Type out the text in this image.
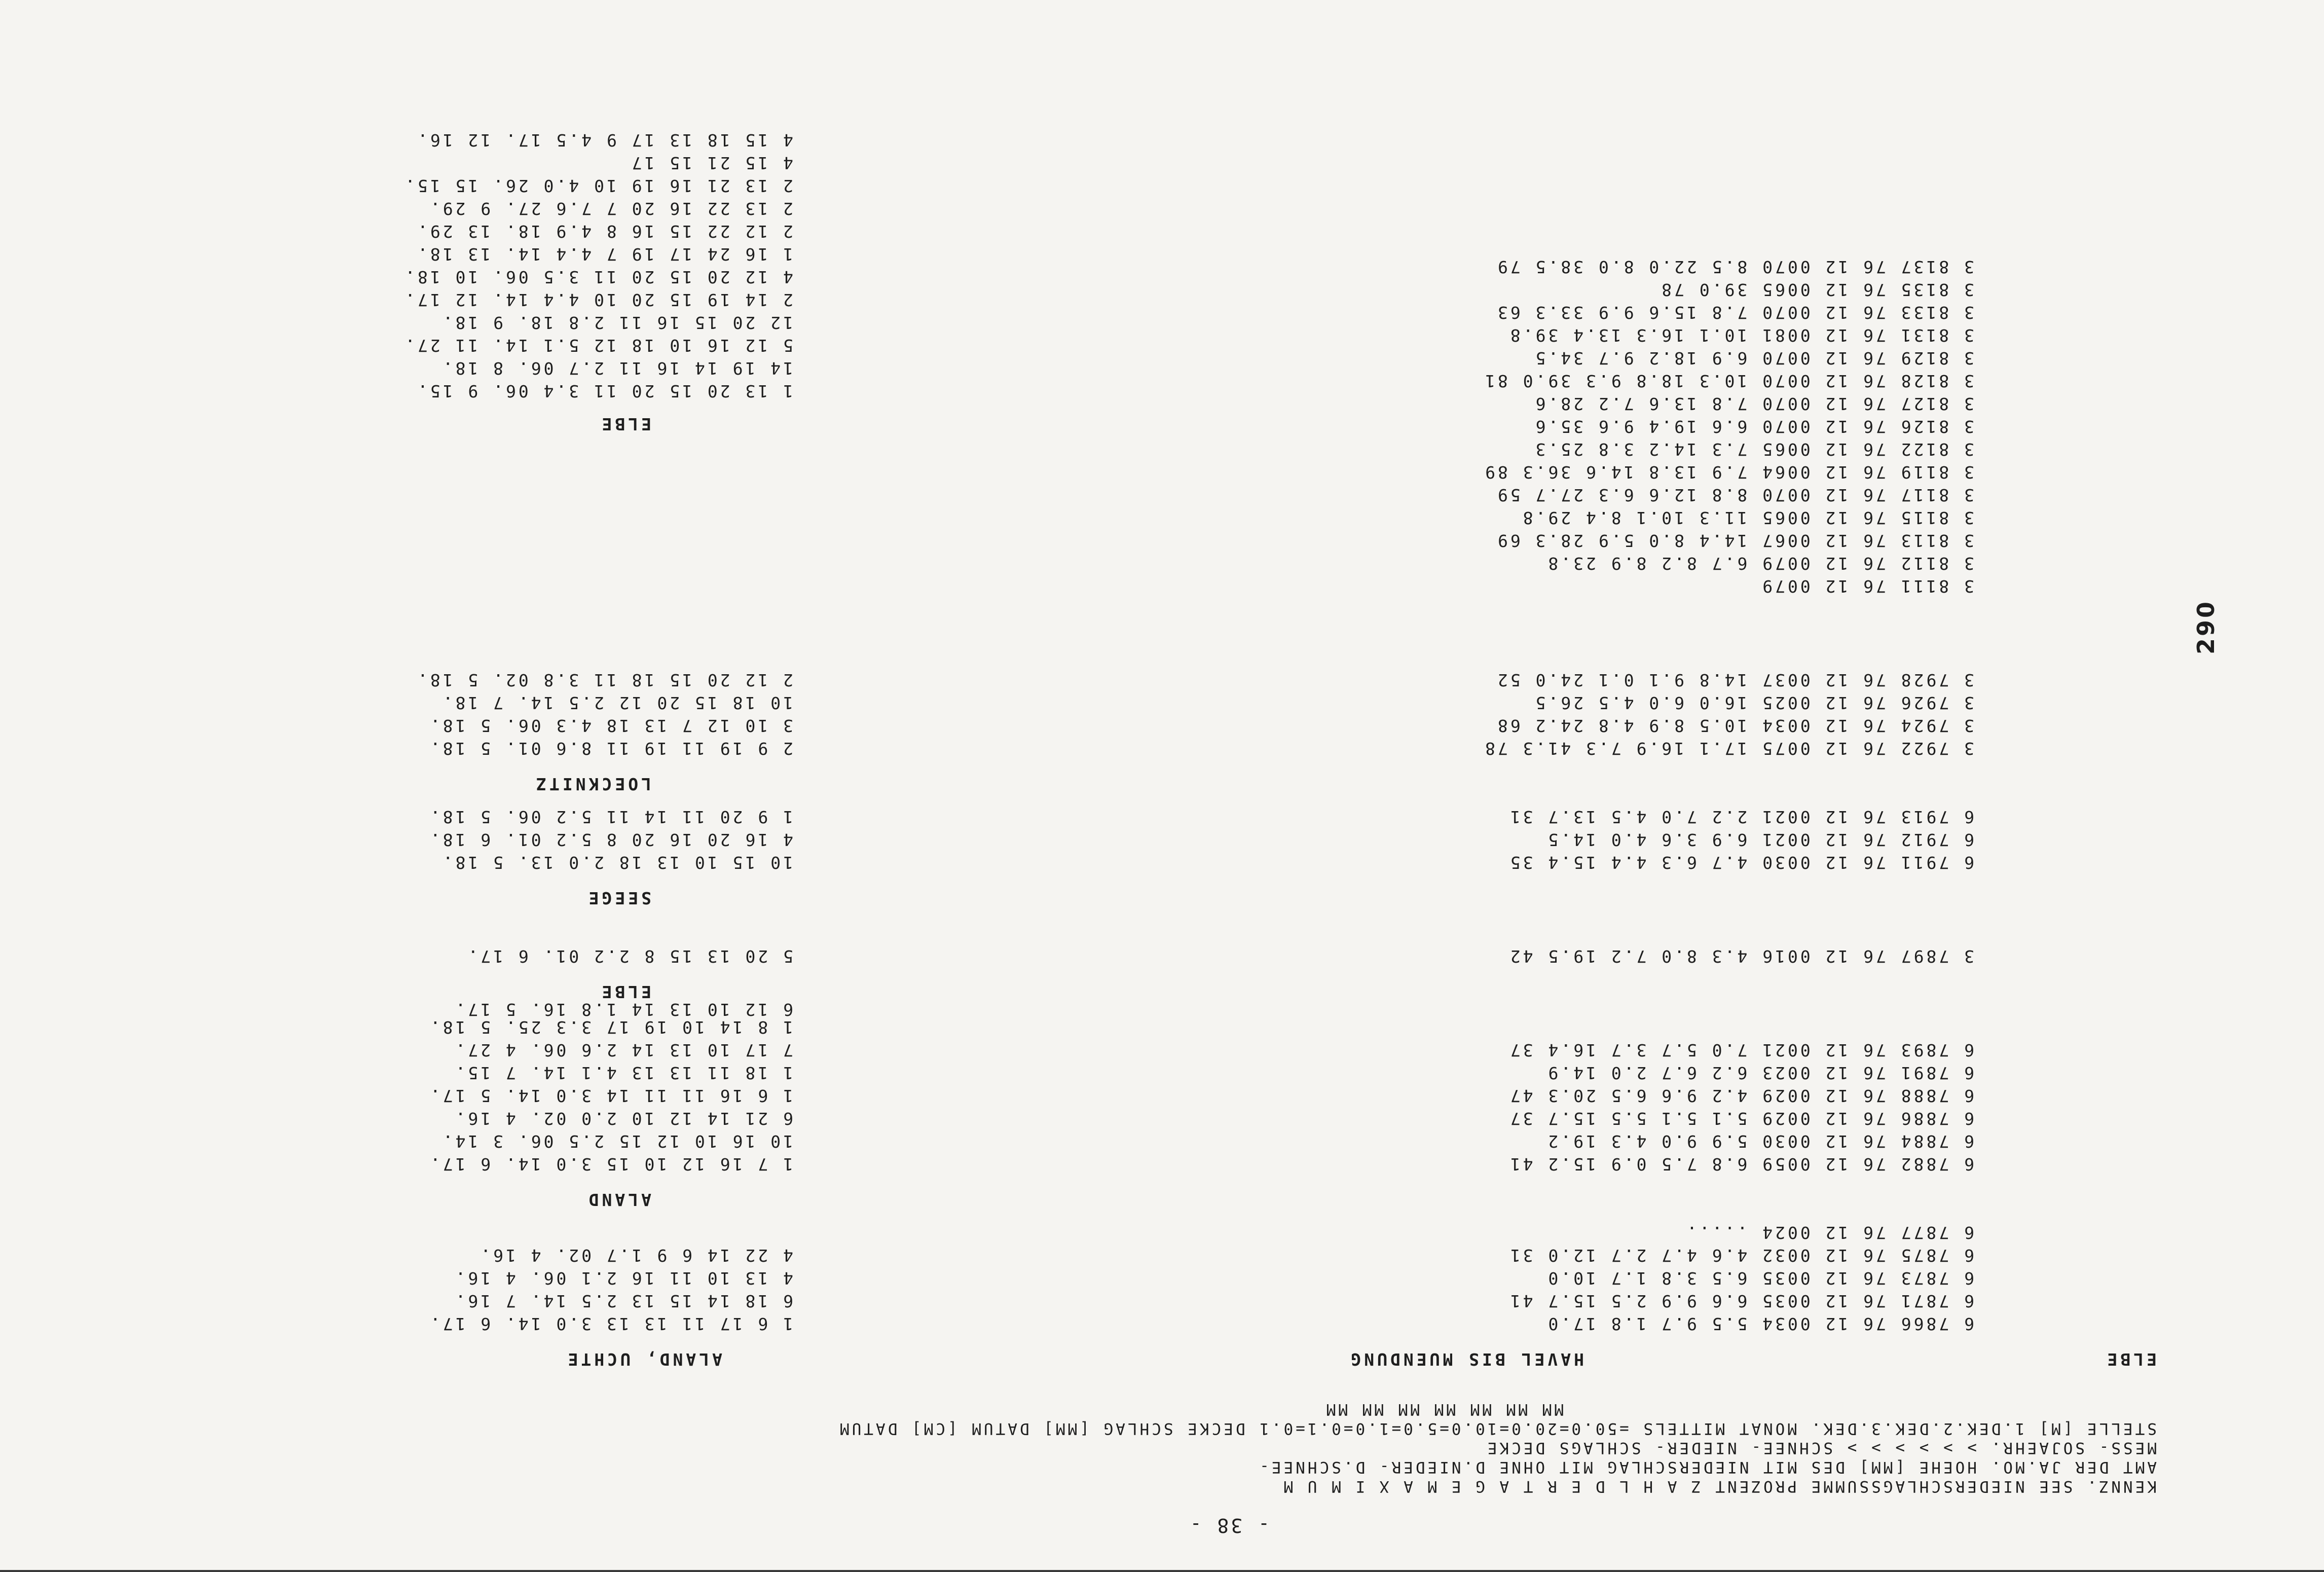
- 38 -
KENNZ. SEE NIEDERSCHLAGSSUMME PROZENT Z A H L D E R T A G E M A X I M U M
AMT DER JA.MO. HOEHE [MM] DES MIT NIEDERSCHLAG MIT OHNE D.NIEDER- D.SCHNEE-
MESS- SOJAEHR. > > > > > > SCHNEE- NIEDER- SCHLAGS DECKE
STELLE [M] 1.DEK.2.DEK.3.DEK. MONAT MITTELS =50.0=20.0=10.0=5.0=1.0=0.1=0.1 DECKE SCHLAG [MM] DATUM [CM] DATUM
MM MM MM MM MM MM MM
ELBE
HAVEL BIS MUENDUNG
ALAND, UCHTE
6 7866 76 12 0034 5.5 9.7 1.8 17.0
6 7871 76 12 0035 6.6 9.9 2.5 15.7 41
6 7873 76 12 0035 6.5 3.8 1.7 10.0
6 7875 76 12 0032 4.6 4.7 2.7 12.0 31
6 7877 76 12 0024 .....
6 7882 76 12 0059 6.8 7.5 0.9 15.2 41
6 7884 76 12 0030 5.9 9.0 4.3 19.2
6 7886 76 12 0029 5.1 5.1 5.5 15.7 37
6 7888 76 12 0029 4.2 9.6 6.5 20.3 47
6 7891 76 12 0023 6.2 6.7 2.0 14.9
6 7893 76 12 0021 7.0 5.7 3.7 16.4 37
3 7897 76 12 0016 4.3 8.0 7.2 19.5 42
6 7911 76 12 0030 4.7 6.3 4.4 15.4 35
6 7912 76 12 0021 6.9 3.6 4.0 14.5
6 7913 76 12 0021 2.2 7.0 4.5 13.7 31
3 7922 76 12 0075 17.1 16.9 7.3 41.3 78
3 7924 76 12 0034 10.5 8.9 4.8 24.2 68
3 7926 76 12 0025 16.0 6.0 4.5 26.5
3 7928 76 12 0037 14.8 9.1 0.1 24.0 52
3 8111 76 12 0079
3 8112 76 12 0079 6.7 8.2 8.9 23.8
3 8113 76 12 0067 14.4 8.0 5.9 28.3 69
3 8115 76 12 0065 11.3 10.1 8.4 29.8
3 8117 76 12 0070 8.8 12.6 6.3 27.7 59
3 8119 76 12 0064 7.9 13.8 14.6 36.3 89
3 8122 76 12 0065 7.3 14.2 3.8 25.3
3 8126 76 12 0070 6.6 19.4 9.6 35.6
3 8127 76 12 0070 7.8 13.6 7.2 28.6
3 8128 76 12 0070 10.3 18.8 9.3 39.0 81
3 8129 76 12 0070 6.9 18.2 9.7 34.5
3 8131 76 12 0081 10.1 16.3 13.4 39.8
3 8133 76 12 0070 7.8 15.6 9.9 33.3 63
3 8135 76 12 0065 39.0 78
3 8137 76 12 0070 8.5 22.0 8.0 38.5 79
1 6 17 11 13 13 3.0 14. 6 17.
6 18 14 15 13 2.5 14. 7 16.
4 13 10 11 16 2.1 06. 4 16.
4 22 14 6 9 1.7 02. 4 16.
1 7 16 12 10 15 3.0 14. 6 17.
10 16 10 12 15 2.5 06. 3 14.
6 21 14 12 10 2.0 02. 4 16.
1 6 16 11 11 14 3.0 14. 5 17.
1 18 11 13 13 4.1 14. 7 15.
7 17 10 13 14 2.6 06. 4 27.
1 8 14 10 19 17 3.3 25. 5 18.
6 12 10 13 14 1.8 16. 5 17.
5 20 13 15 8 2.2 01. 6 17.
10 15 10 13 18 2.0 13. 5 18.
4 16 20 16 20 8 5.2 01. 6 18.
1 9 20 11 14 11 5.2 06. 5 18.
2 9 19 11 19 11 8.6 01. 5 18.
3 10 12 7 13 18 4.3 06. 5 18.
10 18 15 20 12 2.5 14. 7 18.
2 12 20 15 18 11 3.8 02. 5 18.
1 13 20 15 20 11 3.4 06. 9 15.
14 19 14 16 11 2.7 06. 8 18.
5 12 16 10 18 12 5.1 14. 11 27.
12 20 15 16 11 2.8 18. 9 18.
2 14 19 15 20 10 4.4 14. 12 17.
4 12 20 15 20 11 3.5 06. 10 18.
1 16 24 17 19 7 4.4 14. 13 18.
2 12 22 15 16 8 4.9 18. 13 29.
2 13 22 16 20 7 7.6 27. 9 29.
2 13 21 16 19 10 4.0 26. 15 15.
4 15 21 15 17
4 15 18 13 17 9 4.5 17. 12 16.
ALAND
ELBE
SEEGE
LOECKNITZ
ELBE
290
